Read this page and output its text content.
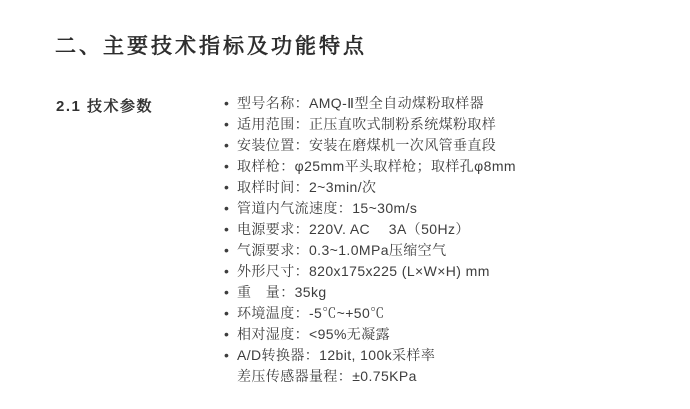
二、主要技术指标及功能特点
2.1 技术参数	• 型号名称：AMQ-Ⅱ型全自动煤粉取样器
• 适用范围：正压直吹式制粉系统煤粉取样
• 安装位置：安装在磨煤机一次风管垂直段
• 取样枪：φ25mm平头取样枪；取样孔φ8mm
• 取样时间：2~3min/次
• 管道内气流速度：15~30m/s
• 电源要求：220V. AC　 3A（50Hz）
• 气源要求：0.3~1.0MPa压缩空气
• 外形尺寸：820x175x225 (L×W×H) mm
• 重　量：35kg
• 环境温度：-5℃~+50℃
• 相对湿度：<95%无凝露
• A/D转换器：12bit, 100k采样率
差压传感器量程：±0.75KPa
